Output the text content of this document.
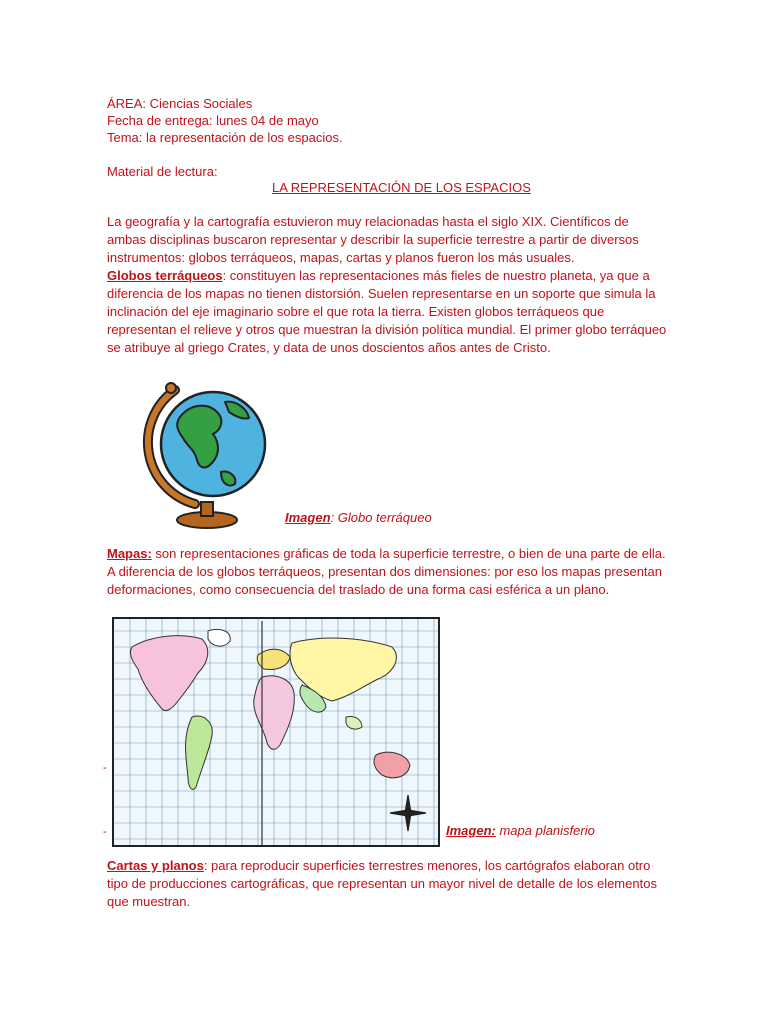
ÁREA: Ciencias Sociales

Fecha de entrega: lunes 04 de mayo

Tema: la representación de los espacios.

Material de lectura:

LA REPRESENTACIÓN DE LOS ESPACIOS

La geografía y la cartografía estuvieron muy relacionadas hasta el siglo XIX. Científicos de ambas disciplinas buscaron representar y describir la superficie terrestre a partir de diversos instrumentos: globos terráqueos, mapas, cartas y planos fueron los más usuales.

Globos terráqueos: constituyen las representaciones más fieles de nuestro planeta, ya que a diferencia de los mapas no tienen distorsión. Suelen representarse en un soporte que simula la inclinación del eje imaginario sobre el que rota la tierra. Existen globos terráqueos que representan el relieve y otros que muestran la división política mundial. El primer globo terráqueo se atribuye al griego Crates, y data de unos doscientos años antes de Cristo.

Imagen: Globo terráqueo

Mapas: son representaciones gráficas de toda la superficie terrestre, o bien de una parte de ella. A diferencia de los globos terráqueos, presentan dos dimensiones: por eso los mapas presentan deformaciones, como consecuencia del traslado de una forma casi esférica a un plano.

-
-	Imagen: mapa planisferio

Cartas y planos: para reproducir superficies terrestres menores, los cartógrafos elaboran otro tipo de producciones cartográficas, que representan un mayor nivel de detalle de los elementos que muestran.
